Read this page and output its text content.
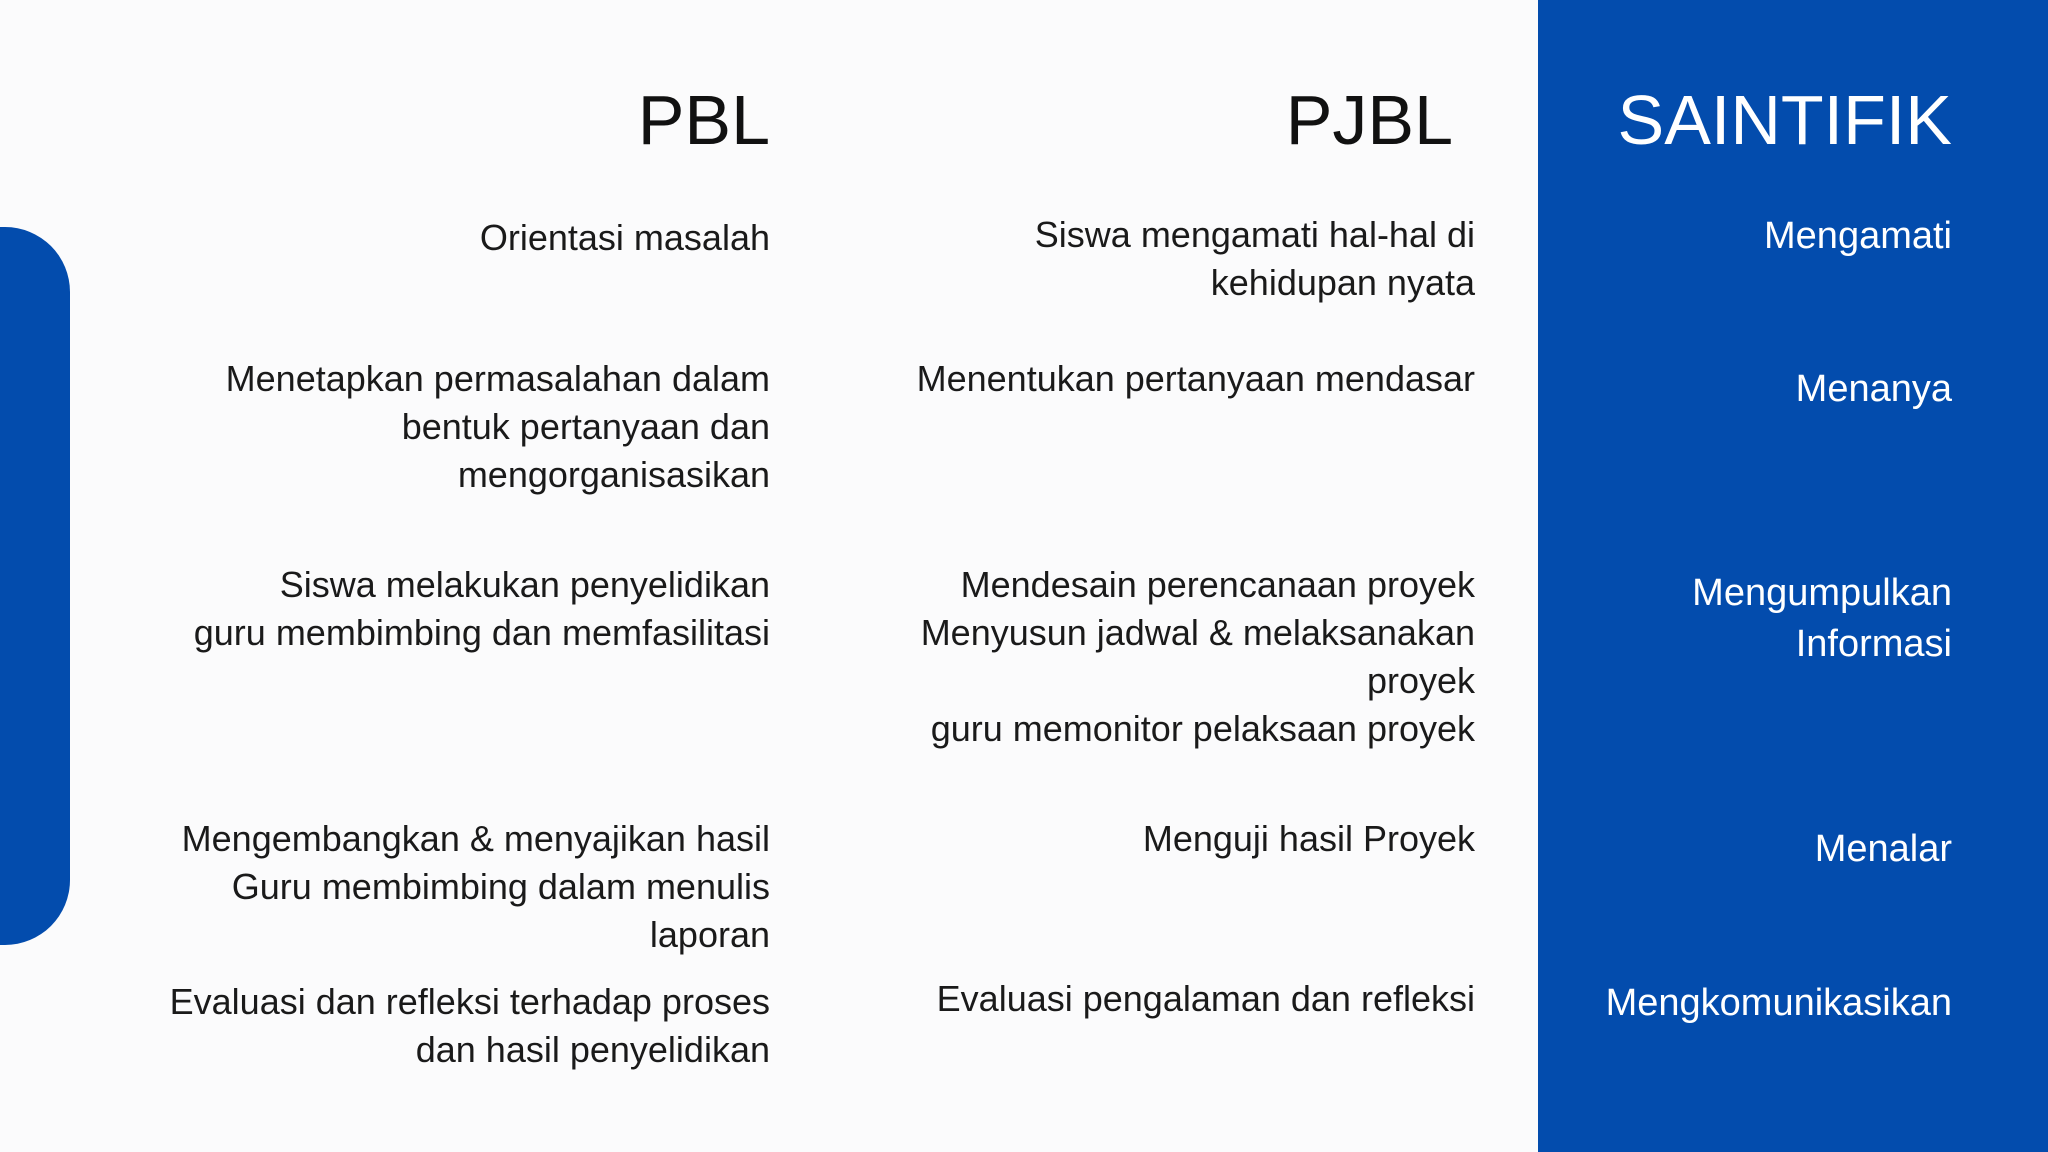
PBL	PJBL	SAINTIFIK

Orientasi masalah

Menetapkan permasalahan dalam
bentuk pertanyaan dan
mengorganisasikan

Siswa melakukan penyelidikan
guru membimbing dan memfasilitasi

Mengembangkan & menyajikan hasil
Guru membimbing dalam menulis
laporan

Evaluasi dan refleksi terhadap proses
dan hasil penyelidikan

Siswa mengamati hal-hal di
kehidupan nyata

Menentukan pertanyaan mendasar

Mendesain perencanaan proyek
Menyusun jadwal & melaksanakan
proyek
guru memonitor pelaksaan proyek

Menguji hasil Proyek

Evaluasi pengalaman dan refleksi

Mengamati

Menanya

Mengumpulkan
Informasi

Menalar

Mengkomunikasikan
